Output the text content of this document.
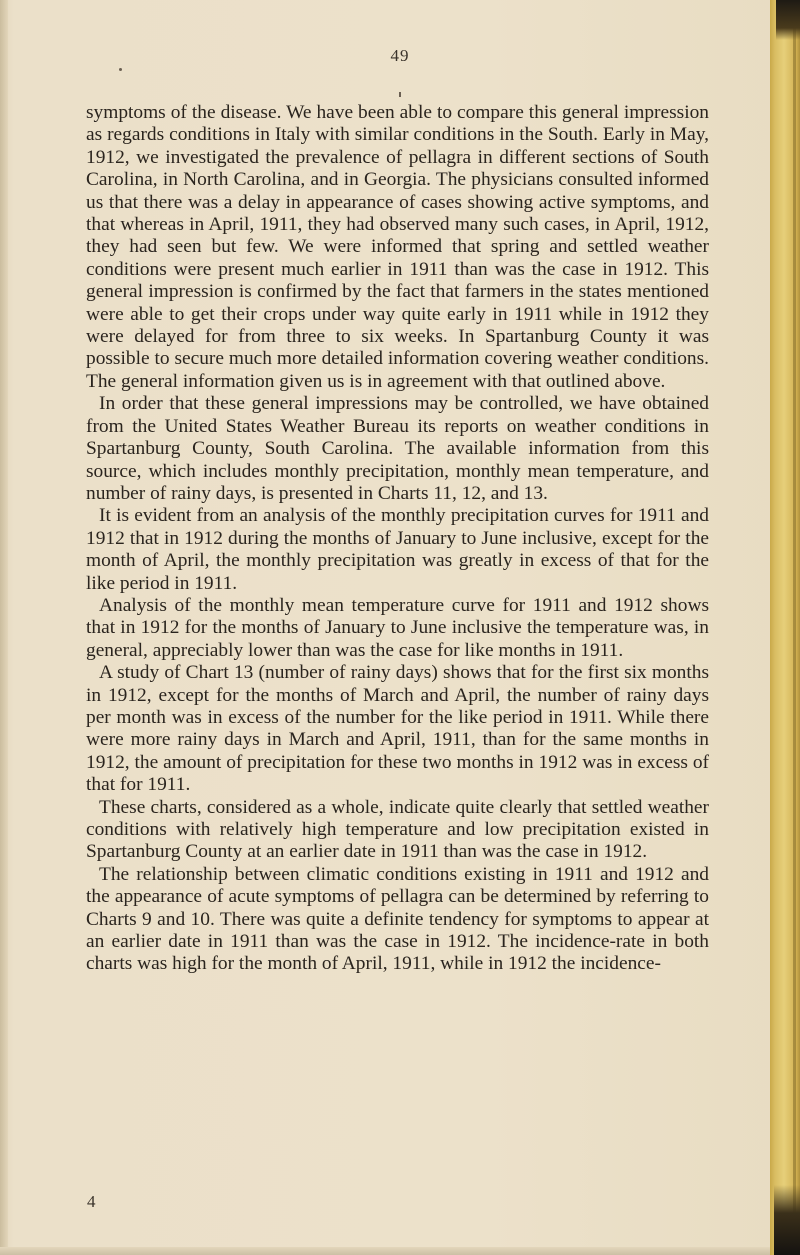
49

symptoms of the disease. We have been able to compare this general impression as regards conditions in Italy with similar conditions in the South. Early in May, 1912, we investigated the prevalence of pellagra in different sections of South Carolina, in North Carolina, and in Georgia. The physicians consulted informed us that there was a delay in appearance of cases showing active symptoms, and that whereas in April, 1911, they had observed many such cases, in April, 1912, they had seen but few. We were informed that spring and settled weather conditions were present much earlier in 1911 than was the case in 1912. This general impression is confirmed by the fact that farmers in the states mentioned were able to get their crops under way quite early in 1911 while in 1912 they were delayed for from three to six weeks. In Spartanburg County it was possible to secure much more detailed information covering weather conditions. The general information given us is in agreement with that outlined above.

In order that these general impressions may be controlled, we have obtained from the United States Weather Bureau its reports on weather conditions in Spartanburg County, South Carolina. The available information from this source, which includes monthly precipitation, monthly mean temperature, and number of rainy days, is presented in Charts 11, 12, and 13.

It is evident from an analysis of the monthly precipitation curves for 1911 and 1912 that in 1912 during the months of January to June inclusive, except for the month of April, the monthly precipitation was greatly in excess of that for the like period in 1911.

Analysis of the monthly mean temperature curve for 1911 and 1912 shows that in 1912 for the months of January to June inclusive the temperature was, in general, appreciably lower than was the case for like months in 1911.

A study of Chart 13 (number of rainy days) shows that for the first six months in 1912, except for the months of March and April, the number of rainy days per month was in excess of the number for the like period in 1911. While there were more rainy days in March and April, 1911, than for the same months in 1912, the amount of precipitation for these two months in 1912 was in excess of that for 1911.

These charts, considered as a whole, indicate quite clearly that settled weather conditions with relatively high temperature and low precipitation existed in Spartanburg County at an earlier date in 1911 than was the case in 1912.

The relationship between climatic conditions existing in 1911 and 1912 and the appearance of acute symptoms of pellagra can be determined by referring to Charts 9 and 10. There was quite a definite tendency for symptoms to appear at an earlier date in 1911 than was the case in 1912. The incidence-rate in both charts was high for the month of April, 1911, while in 1912 the incidence-

4
